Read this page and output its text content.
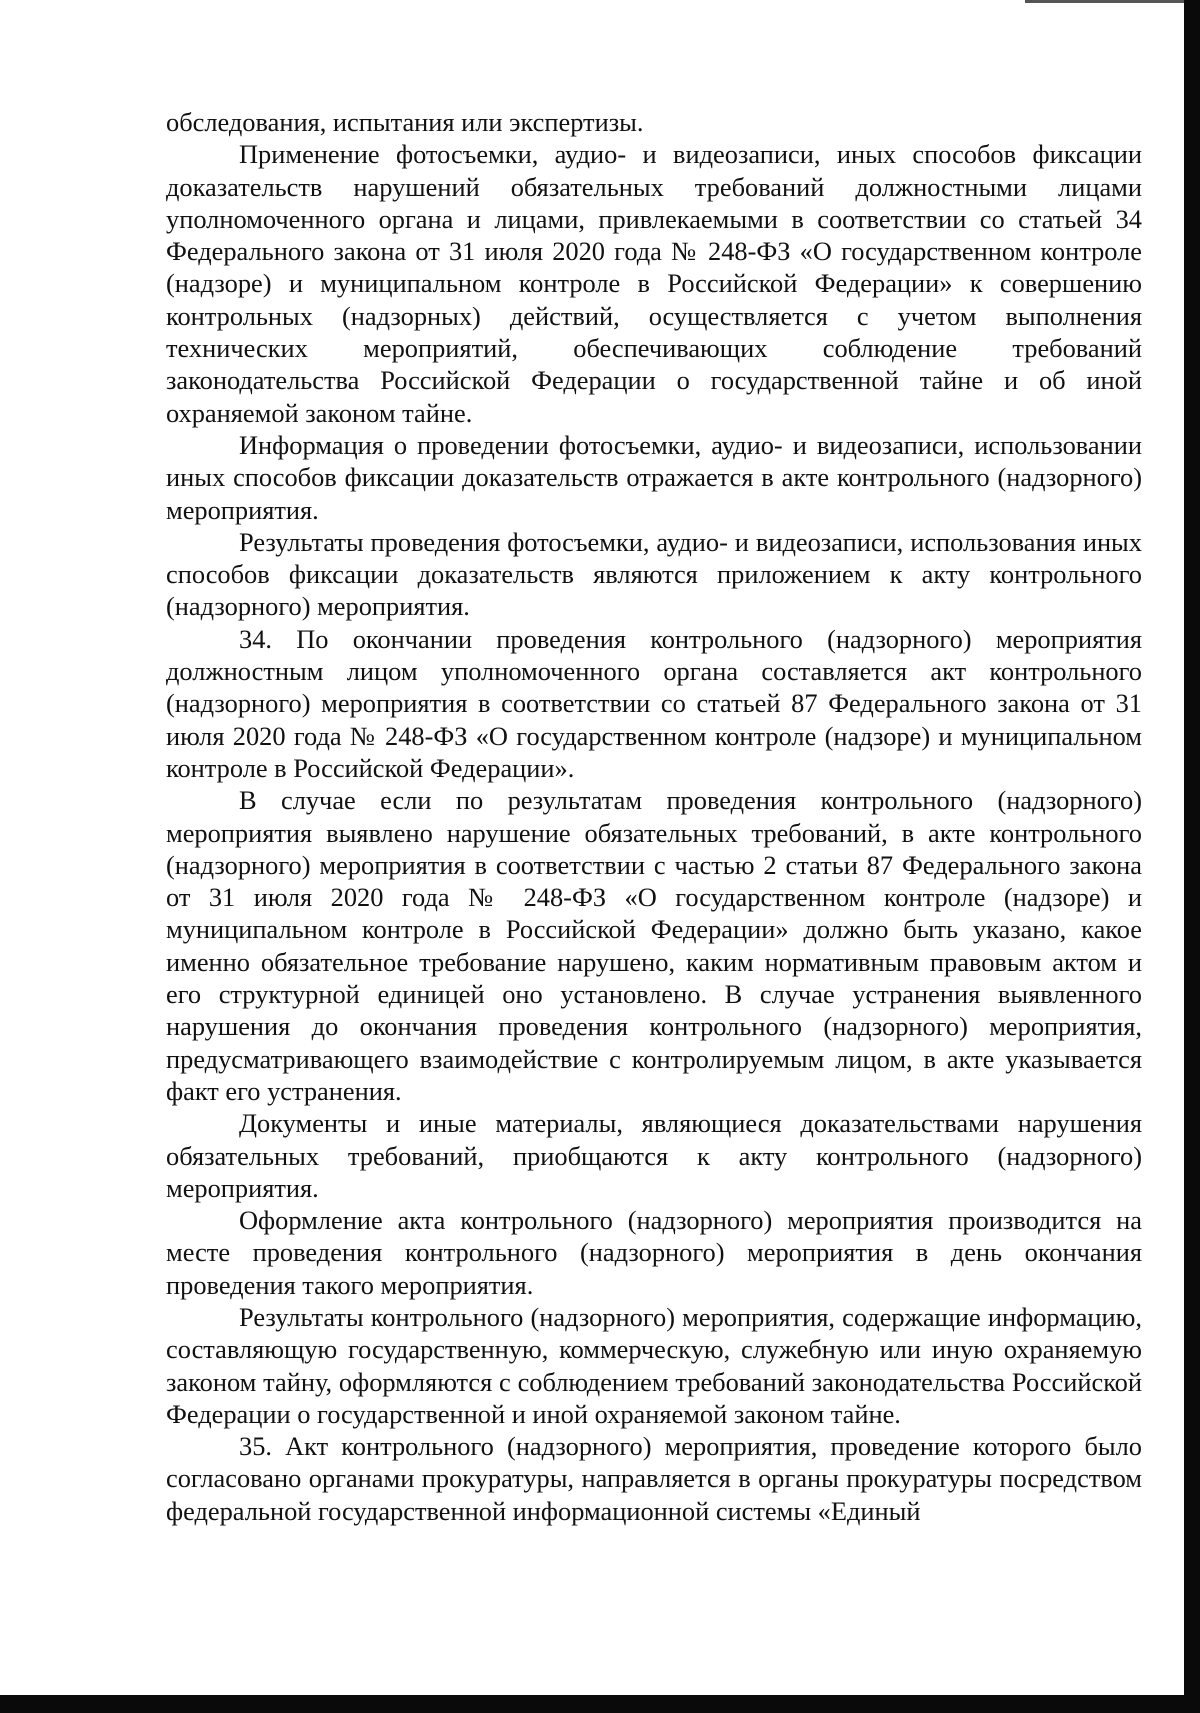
обследования, испытания или экспертизы.

Применение фотосъемки, аудио- и видеозаписи, иных способов фиксации доказательств нарушений обязательных требований должностными лицами уполномоченного органа и лицами, привлекаемыми в соответствии со статьей 34 Федерального закона от 31 июля 2020 года № 248-ФЗ «О государственном контроле (надзоре) и муниципальном контроле в Российской Федерации» к совершению контрольных (надзорных) действий, осуществляется с учетом выполнения технических мероприятий, обеспечивающих соблюдение требований законодательства Российской Федерации о государственной тайне и об иной охраняемой законом тайне.

Информация о проведении фотосъемки, аудио- и видеозаписи, использовании иных способов фиксации доказательств отражается в акте контрольного (надзорного) мероприятия.

Результаты проведения фотосъемки, аудио- и видеозаписи, использования иных способов фиксации доказательств являются приложением к акту контрольного (надзорного) мероприятия.

34. По окончании проведения контрольного (надзорного) мероприятия должностным лицом уполномоченного органа составляется акт контрольного (надзорного) мероприятия в соответствии со статьей 87 Федерального закона от 31 июля 2020 года № 248-ФЗ «О государственном контроле (надзоре) и муниципальном контроле в Российской Федерации».

В случае если по результатам проведения контрольного (надзорного) мероприятия выявлено нарушение обязательных требований, в акте контрольного (надзорного) мероприятия в соответствии с частью 2 статьи 87 Федерального закона от 31 июля 2020 года № 248-ФЗ «О государственном контроле (надзоре) и муниципальном контроле в Российской Федерации» должно быть указано, какое именно обязательное требование нарушено, каким нормативным правовым актом и его структурной единицей оно установлено. В случае устранения выявленного нарушения до окончания проведения контрольного (надзорного) мероприятия, предусматривающего взаимодействие с контролируемым лицом, в акте указывается факт его устранения.

Документы и иные материалы, являющиеся доказательствами нарушения обязательных требований, приобщаются к акту контрольного (надзорного) мероприятия.

Оформление акта контрольного (надзорного) мероприятия производится на месте проведения контрольного (надзорного) мероприятия в день окончания проведения такого мероприятия.

Результаты контрольного (надзорного) мероприятия, содержащие информацию, составляющую государственную, коммерческую, служебную или иную охраняемую законом тайну, оформляются с соблюдением требований законодательства Российской Федерации о государственной и иной охраняемой законом тайне.

35. Акт контрольного (надзорного) мероприятия, проведение которого было согласовано органами прокуратуры, направляется в органы прокуратуры посредством федеральной государственной информационной системы «Единый
